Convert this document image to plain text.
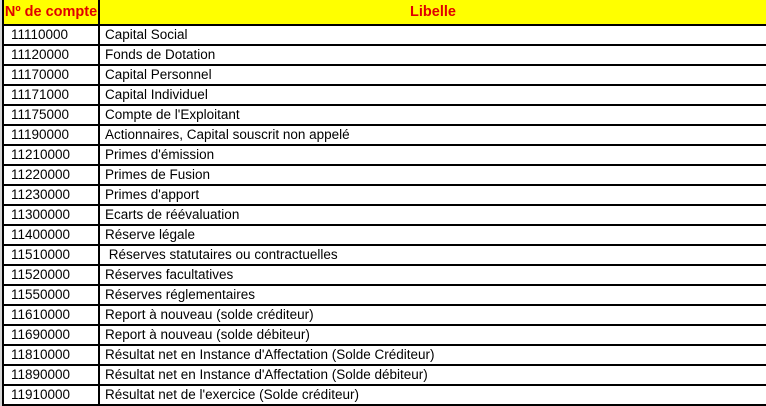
Nº de compte	Libelle
11110000	Capital Social
11120000	Fonds de Dotation
11170000	Capital Personnel
11171000	Capital Individuel
11175000	Compte de l'Exploitant
11190000	Actionnaires, Capital souscrit non appelé
11210000	Primes d'émission
11220000	Primes de Fusion
11230000	Primes d'apport
11300000	Ecarts de réévaluation
11400000	Réserve légale
11510000	Réserves statutaires ou contractuelles
11520000	Réserves facultatives
11550000	Réserves réglementaires
11610000	Report à nouveau (solde créditeur)
11690000	Report à nouveau (solde débiteur)
11810000	Résultat net en Instance d'Affectation (Solde Créditeur)
11890000	Résultat net en Instance d'Affectation (Solde débiteur)
11910000	Résultat net de l'exercice (Solde créditeur)
